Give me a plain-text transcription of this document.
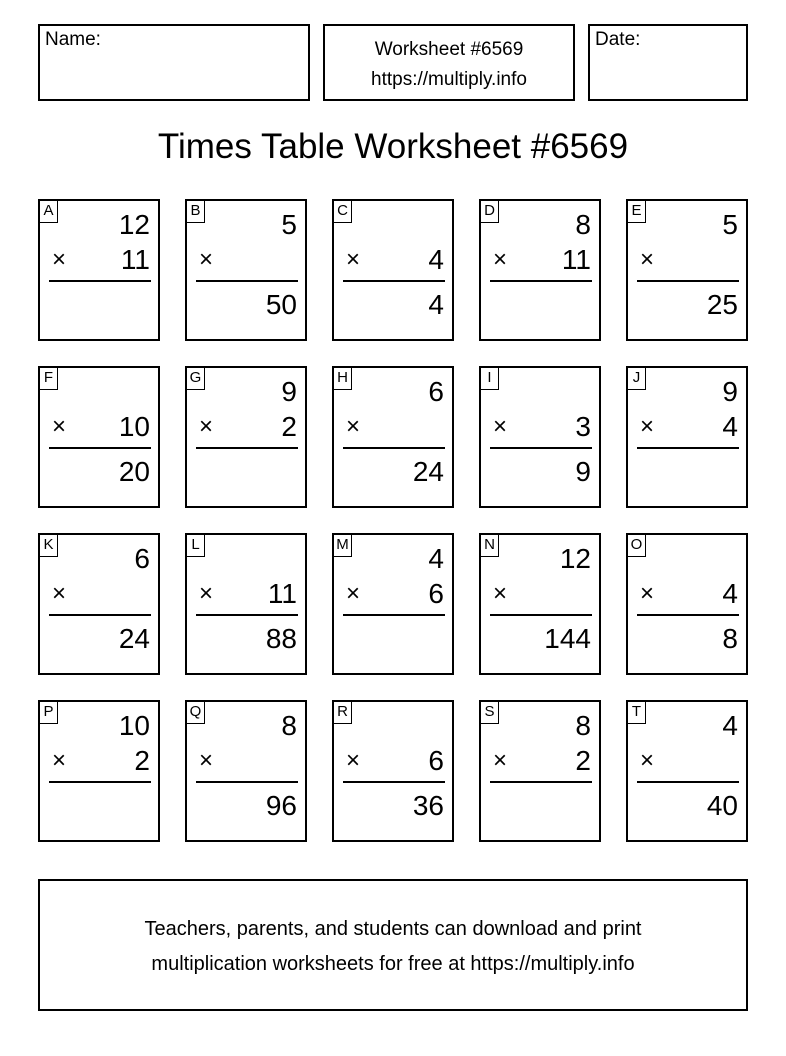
Name:	Worksheet #6569
https://multiply.info
Date:
Times Table Worksheet #6569
A 12
× 11
B	5
×
50
C
× 4
4
D	8
× 11
E	5
×
25
F
× 10
20
G	9
× 2
H	6
×
24
I
× 3
9
J	9
× 4
K	6
×
24
L
× 11
88
M	4
× 6
N 12
×
144
O
× 4
8
P 10
× 2
Q	8
×
96
R
× 6
36
S	8
× 2
T	4
×
40
Teachers, parents, and students can download and print
multiplication worksheets for free at https://multiply.info
